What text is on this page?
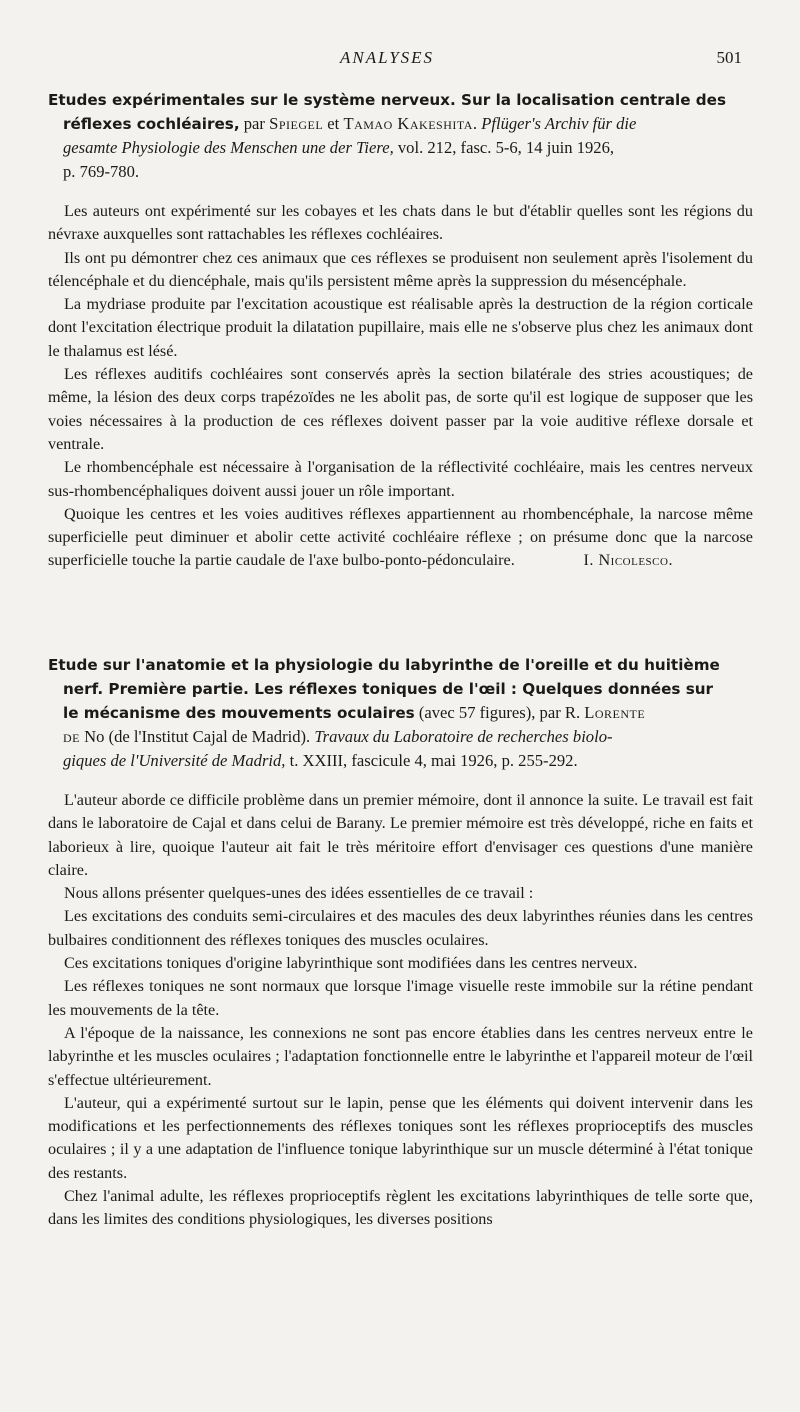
ANALYSES	501
Etudes expérimentales sur le système nerveux. Sur la localisation centrale des
réflexes cochléaires, par Spiegel et Tamao Kakeshita. Pflüger's Archiv für die
gesamte Physiologie des Menschen une der Tiere, vol. 212, fasc. 5-6, 14 juin 1926,
p. 769-780.

Les auteurs ont expérimenté sur les cobayes et les chats dans le but d'établir quelles sont les régions du névraxe auxquelles sont rattachables les réflexes cochléaires.

Ils ont pu démontrer chez ces animaux que ces réflexes se produisent non seulement après l'isolement du télencéphale et du diencéphale, mais qu'ils persistent même après la suppression du mésencéphale.

La mydriase produite par l'excitation acoustique est réalisable après la destruction de la région corticale dont l'excitation électrique produit la dilatation pupillaire, mais elle ne s'observe plus chez les animaux dont le thalamus est lésé.

Les réflexes auditifs cochléaires sont conservés après la section bilatérale des stries acoustiques; de même, la lésion des deux corps trapézoïdes ne les abolit pas, de sorte qu'il est logique de supposer que les voies nécessaires à la production de ces réflexes doivent passer par la voie auditive réflexe dorsale et ventrale.

Le rhombencéphale est nécessaire à l'organisation de la réflectivité cochléaire, mais les centres nerveux sus-rhombencéphaliques doivent aussi jouer un rôle important.

Quoique les centres et les voies auditives réflexes appartiennent au rhombencéphale, la narcose même superficielle peut diminuer et abolir cette activité cochléaire réflexe ; on présume donc que la narcose superficielle touche la partie caudale de l'axe bulbo-ponto-pédonculaire.	I. Nicolesco.

Etude sur l'anatomie et la physiologie du labyrinthe de l'oreille et du huitième
nerf. Première partie. Les réflexes toniques de l'œil : Quelques données sur
le mécanisme des mouvements oculaires (avec 57 figures), par R. Lorente
de No (de l'Institut Cajal de Madrid). Travaux du Laboratoire de recherches biolo-
giques de l'Université de Madrid, t. XXIII, fascicule 4, mai 1926, p. 255-292.

L'auteur aborde ce difficile problème dans un premier mémoire, dont il annonce la suite. Le travail est fait dans le laboratoire de Cajal et dans celui de Barany. Le premier mémoire est très développé, riche en faits et laborieux à lire, quoique l'auteur ait fait le très méritoire effort d'envisager ces questions d'une manière claire.

Nous allons présenter quelques-unes des idées essentielles de ce travail :

Les excitations des conduits semi-circulaires et des macules des deux labyrinthes réunies dans les centres bulbaires conditionnent des réflexes toniques des muscles oculaires.

Ces excitations toniques d'origine labyrinthique sont modifiées dans les centres nerveux.

Les réflexes toniques ne sont normaux que lorsque l'image visuelle reste immobile sur la rétine pendant les mouvements de la tête.

A l'époque de la naissance, les connexions ne sont pas encore établies dans les centres nerveux entre le labyrinthe et les muscles oculaires ; l'adaptation fonctionnelle entre le labyrinthe et l'appareil moteur de l'œil s'effectue ultérieurement.

L'auteur, qui a expérimenté surtout sur le lapin, pense que les éléments qui doivent intervenir dans les modifications et les perfectionnements des réflexes toniques sont les réflexes proprioceptifs des muscles oculaires ; il y a une adaptation de l'influence tonique labyrinthique sur un muscle déterminé à l'état tonique des restants.

Chez l'animal adulte, les réflexes proprioceptifs règlent les excitations labyrinthiques de telle sorte que, dans les limites des conditions physiologiques, les diverses positions
